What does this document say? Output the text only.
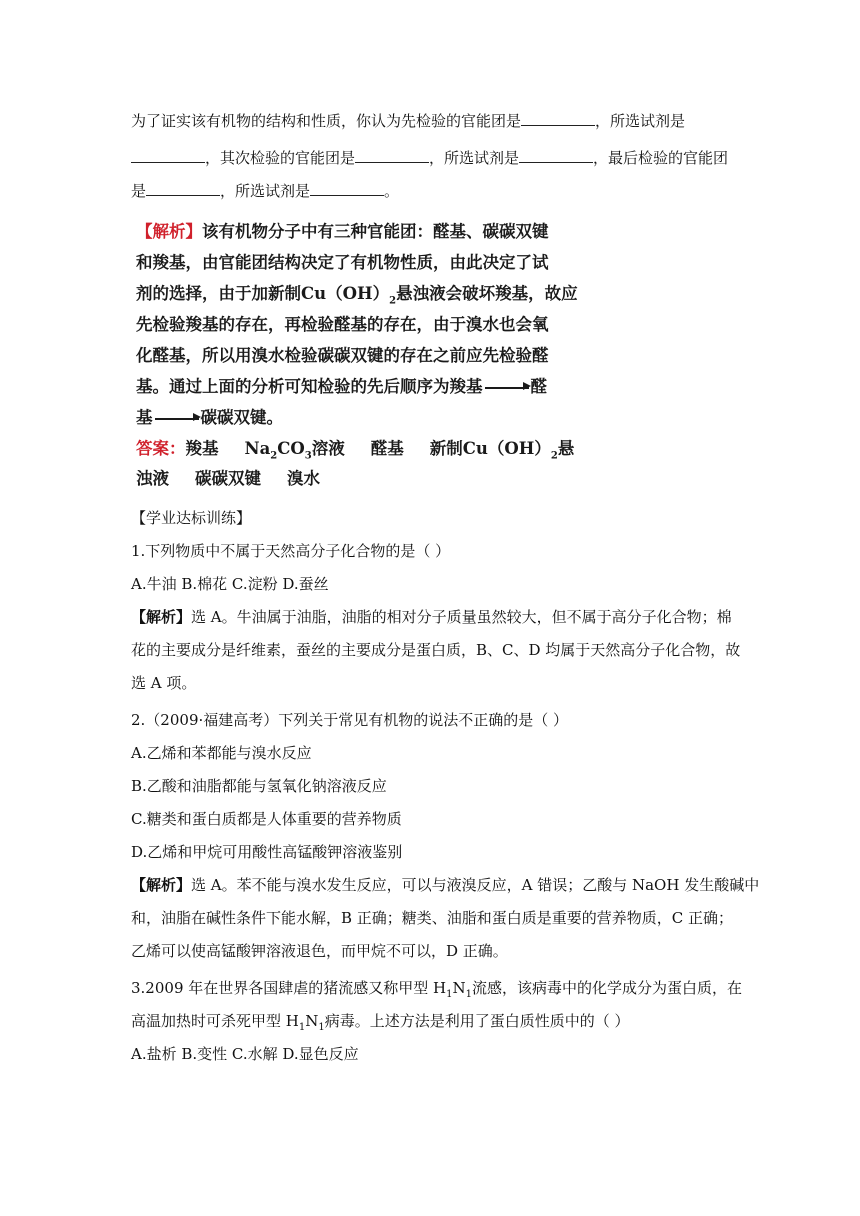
为了证实该有机物的结构和性质，你认为先检验的官能团是	，所选试剂是
，其次检验的官能团是	，所选试剂是	，最后检验的官能团
是	，所选试剂是	。
【解析】该有机物分子中有三种官能团：醛基、碳碳双键
和羧基，由官能团结构决定了有机物性质，由此决定了试
剂的选择，由于加新制$Cu(OH)_2$悬浊液会破坏羧基，故应
先检验羧基的存在，再检验醛基的存在，由于溴水也会氧
化醛基，所以用溴水检验碳碳双键的存在之前应先检验醛
基。通过上面的分析可知检验的先后顺序为羧基	醛
基	碳碳双键。
答案：羧基 $Na_2CO_3$溶液 醛基 新制$Cu(OH)_2$悬
浊液 碳碳双键 溴水
【学业达标训练】
1.下列物质中不属于天然高分子化合物的是（ ）
A.牛油 B.棉花 C.淀粉 D.蚕丝
【解析】选 A。牛油属于油脂，油脂的相对分子质量虽然较大，但不属于高分子化合物；棉
花的主要成分是纤维素，蚕丝的主要成分是蛋白质，B、C、D 均属于天然高分子化合物，故
选 A 项。
2.（2009·福建高考）下列关于常见有机物的说法不正确的是（ ）
A.乙烯和苯都能与溴水反应
B.乙酸和油脂都能与氢氧化钠溶液反应
C.糖类和蛋白质都是人体重要的营养物质
D.乙烯和甲烷可用酸性高锰酸钾溶液鉴别
【解析】选 A。苯不能与溴水发生反应，可以与液溴反应，A 错误；乙酸与 NaOH 发生酸碱中
和，油脂在碱性条件下能水解，B 正确；糖类、油脂和蛋白质是重要的营养物质，C 正确；
乙烯可以使高锰酸钾溶液退色，而甲烷不可以，D 正确。
3.2009 年在世界各国肆虐的猪流感又称甲型 $H_1N_1$流感，该病毒中的化学成分为蛋白质，在
高温加热时可杀死甲型 $H_1N_1$病毒。上述方法是利用了蛋白质性质中的（ ）
A.盐析 B.变性 C.水解 D.显色反应
